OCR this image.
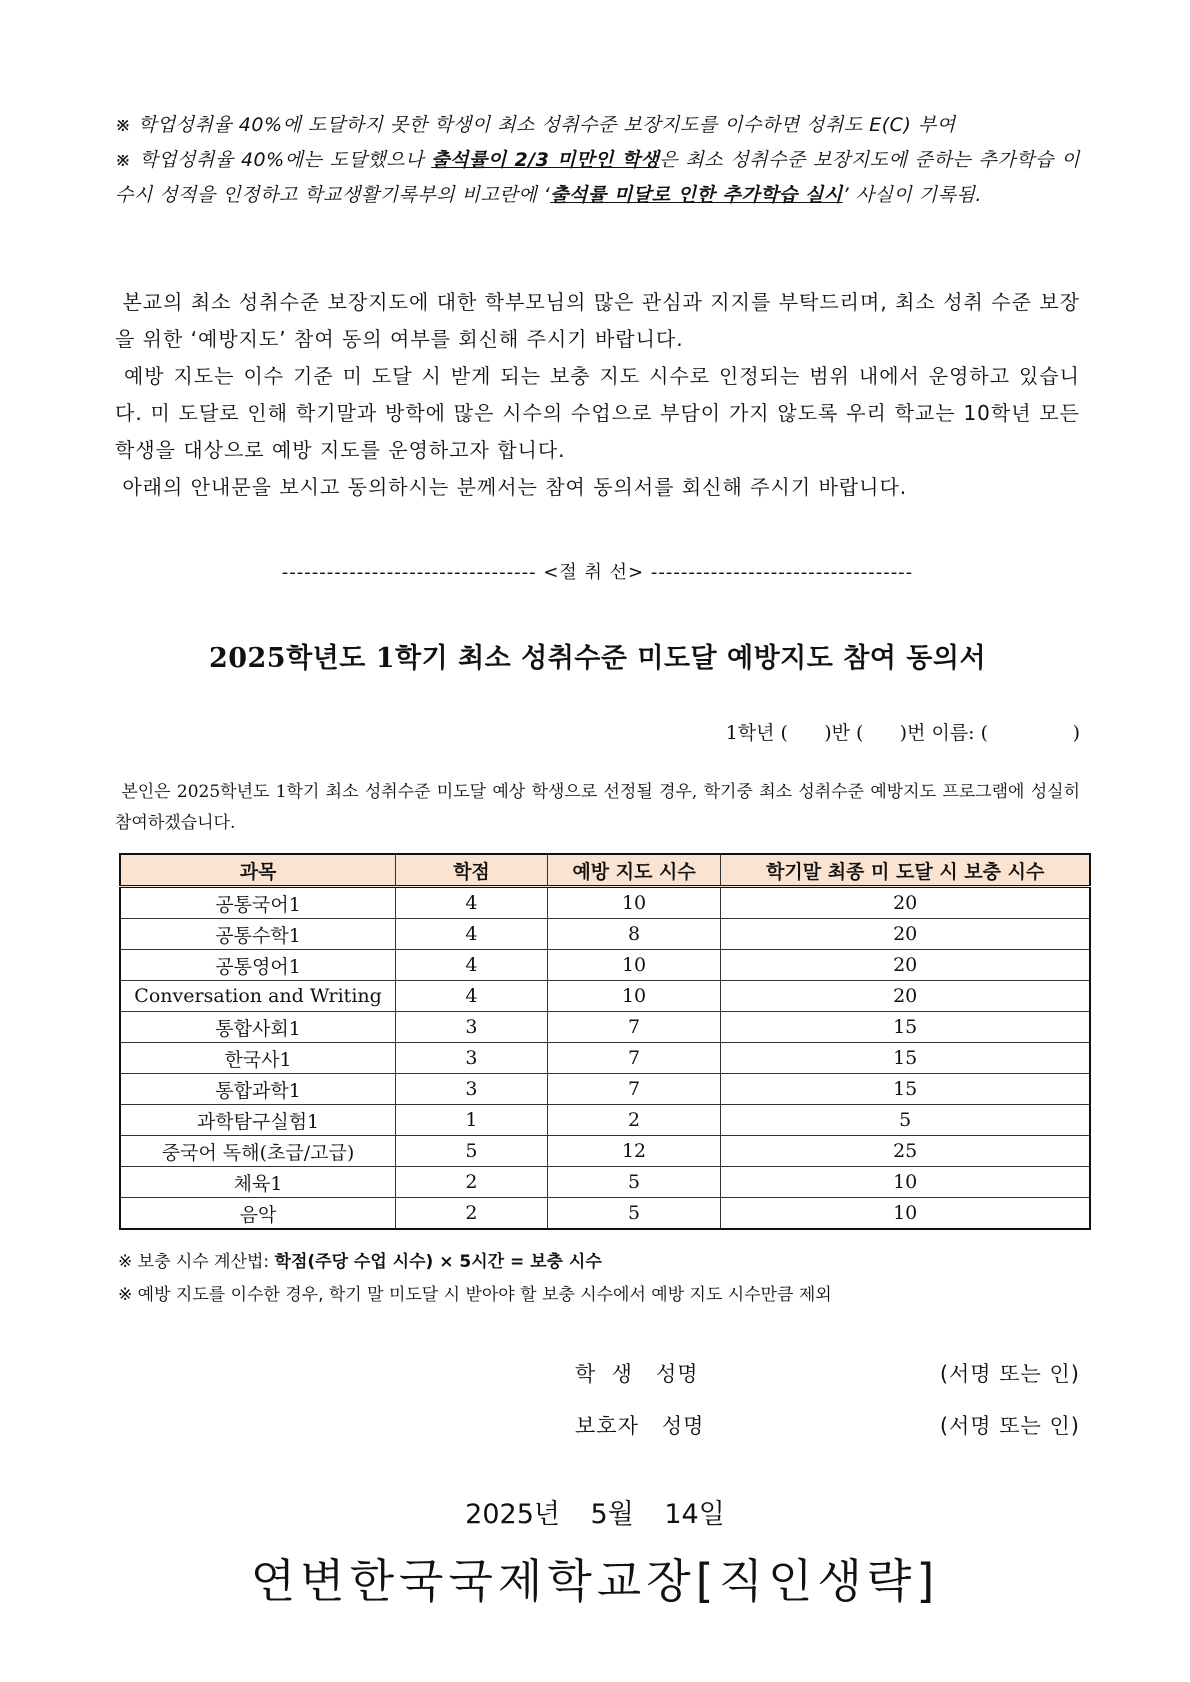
※ 학업성취율 40%에 도달하지 못한 학생이 최소 성취수준 보장지도를 이수하면 성취도 E(C) 부여

※ 학업성취율 40%에는 도달했으나 출석률이 2/3 미만인 학생은 최소 성취수준 보장지도에 준하는 추가학습 이수시 성적을 인정하고 학교생활기록부의 비고란에 ‘출석률 미달로 인한 추가학습 실시’ 사실이 기록됨.

본교의 최소 성취수준 보장지도에 대한 학부모님의 많은 관심과 지지를 부탁드리며, 최소 성취 수준 보장을 위한 ‘예방지도’ 참여 동의 여부를 회신해 주시기 바랍니다.

예방 지도는 이수 기준 미 도달 시 받게 되는 보충 지도 시수로 인정되는 범위 내에서 운영하고 있습니다. 미 도달로 인해 학기말과 방학에 많은 시수의 수업으로 부담이 가지 않도록 우리 학교는 10학년 모든 학생을 대상으로 예방 지도를 운영하고자 합니다.

아래의 안내문을 보시고 동의하시는 분께서는 참여 동의서를 회신해 주시기 바랍니다.

---------------------------------- <절 취 선> -----------------------------------
2025학년도 1학기 최소 성취수준 미도달 예방지도 참여 동의서
1학년 (      )반 (      )번 이름: (              )

본인은 2025학년도 1학기 최소 성취수준 미도달 예상 학생으로 선정될 경우, 학기중 최소 성취수준 예방지도 프로그램에 성실히 참여하겠습니다.

과목	학점	예방 지도 시수	학기말 최종 미 도달 시 보충 시수
공통국어1	4	10	20
공통수학1	4	8	20
공통영어1	4	10	20
Conversation and Writing	4	10	20
통합사회1	3	7	15
한국사1	3	7	15
통합과학1	3	7	15
과학탐구실험1	1	2	5
중국어 독해(초급/고급)	5	12	25
체육1	2	5	10
음악	2	5	10

※ 보충 시수 계산법: 학점(주당 수업 시수) × 5시간 = 보충 시수

※ 예방 지도를 이수한 경우, 학기 말 미도달 시 받아야 할 보충 시수에서 예방 지도 시수만큼 제외

학  생   성명	(서명 또는 인)
보호자   성명	(서명 또는 인)
2025년 5월 14일
연변한국국제학교장[직인생략]
